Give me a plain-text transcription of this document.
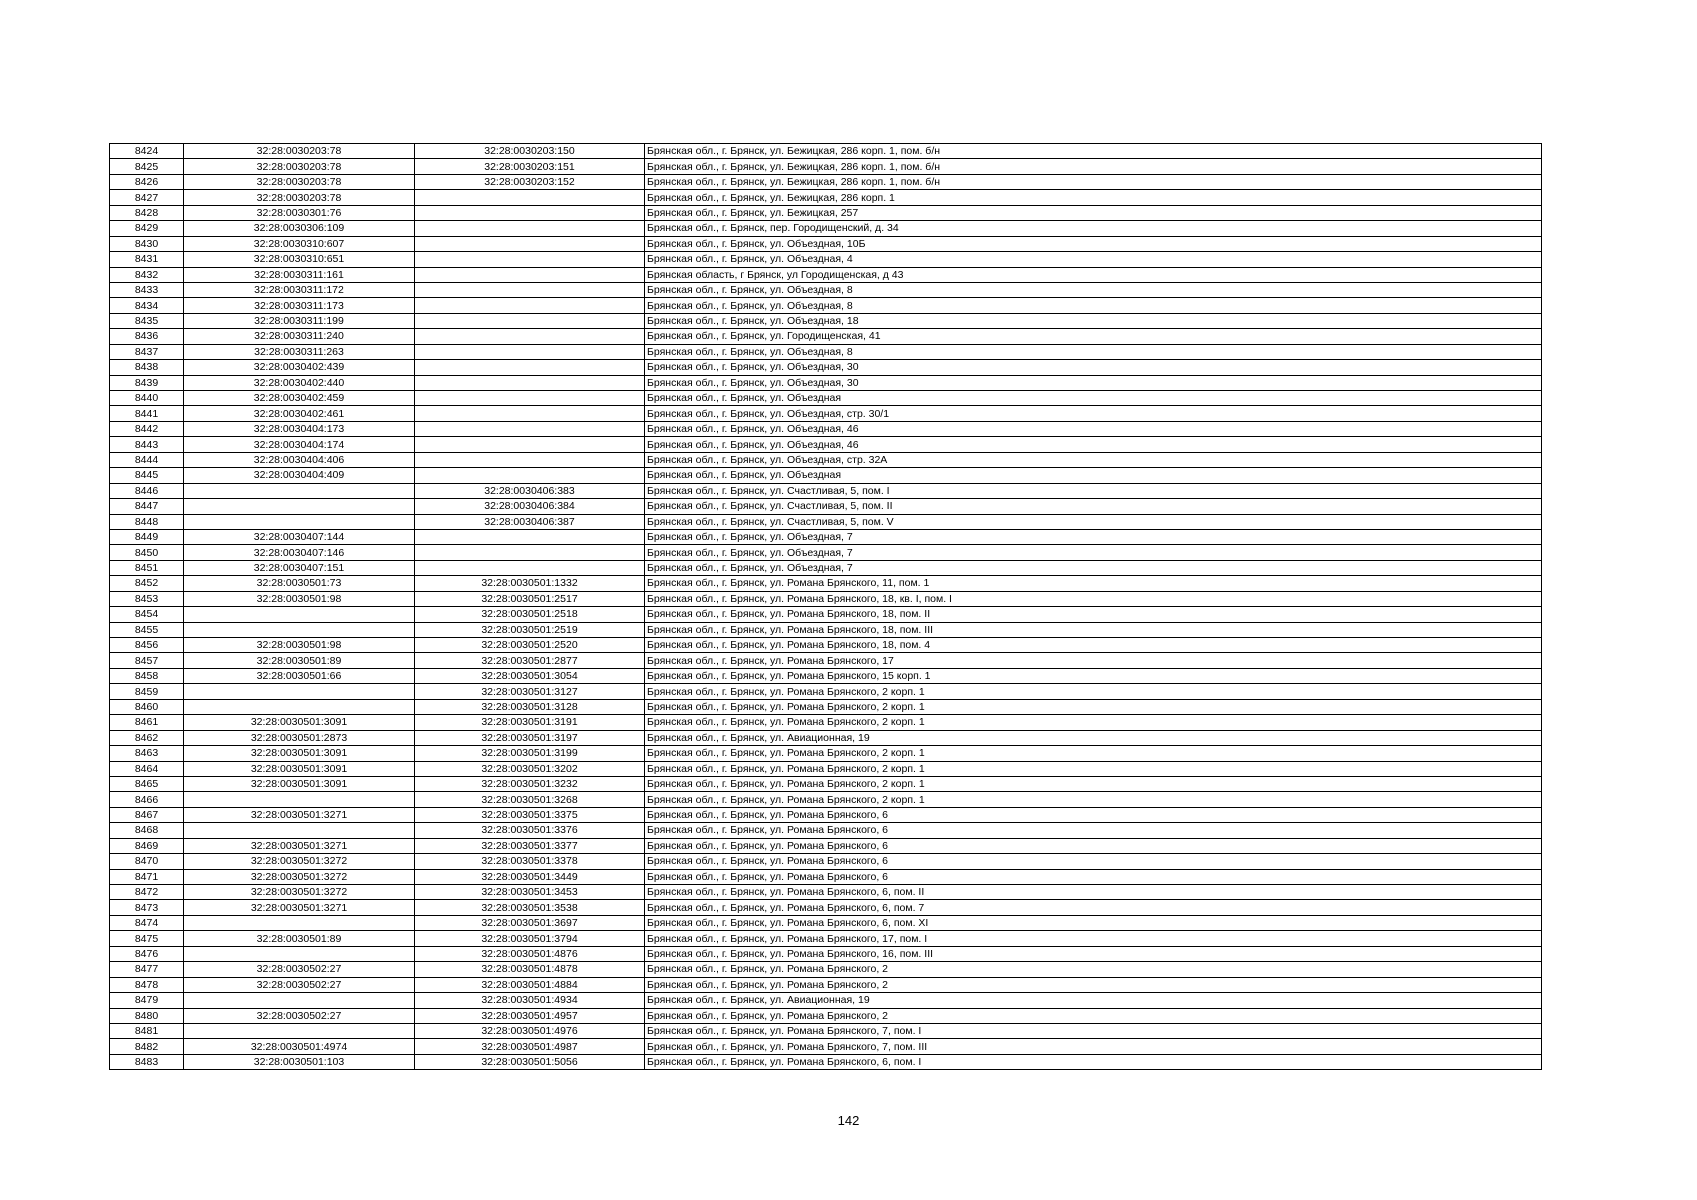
8424	32:28:0030203:78	32:28:0030203:150	Брянская обл., г. Брянск, ул. Бежицкая, 286 корп. 1, пом. б/н
8425	32:28:0030203:78	32:28:0030203:151	Брянская обл., г. Брянск, ул. Бежицкая, 286 корп. 1, пом. б/н
8426	32:28:0030203:78	32:28:0030203:152	Брянская обл., г. Брянск, ул. Бежицкая, 286 корп. 1, пом. б/н
8427	32:28:0030203:78		Брянская обл., г. Брянск, ул. Бежицкая, 286 корп. 1
8428	32:28:0030301:76		Брянская обл., г. Брянск, ул. Бежицкая, 257
8429	32:28:0030306:109		Брянская обл., г. Брянск, пер. Городищенский, д. 34
8430	32:28:0030310:607		Брянская обл., г. Брянск, ул. Объездная, 10Б
8431	32:28:0030310:651		Брянская обл., г. Брянск, ул. Объездная, 4
8432	32:28:0030311:161		Брянская область, г Брянск, ул Городищенская, д 43
8433	32:28:0030311:172		Брянская обл., г. Брянск, ул. Объездная, 8
8434	32:28:0030311:173		Брянская обл., г. Брянск, ул. Объездная, 8
8435	32:28:0030311:199		Брянская обл., г. Брянск, ул. Объездная, 18
8436	32:28:0030311:240		Брянская обл., г. Брянск, ул. Городищенская, 41
8437	32:28:0030311:263		Брянская обл., г. Брянск, ул. Объездная, 8
8438	32:28:0030402:439		Брянская обл., г. Брянск, ул. Объездная, 30
8439	32:28:0030402:440		Брянская обл., г. Брянск, ул. Объездная, 30
8440	32:28:0030402:459		Брянская обл., г. Брянск, ул. Объездная
8441	32:28:0030402:461		Брянская обл., г. Брянск, ул. Объездная, стр. 30/1
8442	32:28:0030404:173		Брянская обл., г. Брянск, ул. Объездная, 46
8443	32:28:0030404:174		Брянская обл., г. Брянск, ул. Объездная, 46
8444	32:28:0030404:406		Брянская обл., г. Брянск, ул. Объездная, стр. 32А
8445	32:28:0030404:409		Брянская обл., г. Брянск, ул. Объездная
8446		32:28:0030406:383	Брянская обл., г. Брянск, ул. Счастливая, 5, пом. I
8447		32:28:0030406:384	Брянская обл., г. Брянск, ул. Счастливая, 5, пом. II
8448		32:28:0030406:387	Брянская обл., г. Брянск, ул. Счастливая, 5, пом. V
8449	32:28:0030407:144		Брянская обл., г. Брянск, ул. Объездная, 7
8450	32:28:0030407:146		Брянская обл., г. Брянск, ул. Объездная, 7
8451	32:28:0030407:151		Брянская обл., г. Брянск, ул. Объездная, 7
8452	32:28:0030501:73	32:28:0030501:1332	Брянская обл., г. Брянск, ул. Романа Брянского, 11, пом. 1
8453	32:28:0030501:98	32:28:0030501:2517	Брянская обл., г. Брянск, ул. Романа Брянского, 18, кв. I, пом. I
8454		32:28:0030501:2518	Брянская обл., г. Брянск, ул. Романа Брянского, 18, пом. II
8455		32:28:0030501:2519	Брянская обл., г. Брянск, ул. Романа Брянского, 18, пом. III
8456	32:28:0030501:98	32:28:0030501:2520	Брянская обл., г. Брянск, ул. Романа Брянского, 18, пом. 4
8457	32:28:0030501:89	32:28:0030501:2877	Брянская обл., г. Брянск, ул. Романа Брянского, 17
8458	32:28:0030501:66	32:28:0030501:3054	Брянская обл., г. Брянск, ул. Романа Брянского, 15 корп. 1
8459		32:28:0030501:3127	Брянская обл., г. Брянск, ул. Романа Брянского, 2 корп. 1
8460		32:28:0030501:3128	Брянская обл., г. Брянск, ул. Романа Брянского, 2 корп. 1
8461	32:28:0030501:3091	32:28:0030501:3191	Брянская обл., г. Брянск, ул. Романа Брянского, 2 корп. 1
8462	32:28:0030501:2873	32:28:0030501:3197	Брянская обл., г. Брянск, ул. Авиационная, 19
8463	32:28:0030501:3091	32:28:0030501:3199	Брянская обл., г. Брянск, ул. Романа Брянского, 2 корп. 1
8464	32:28:0030501:3091	32:28:0030501:3202	Брянская обл., г. Брянск, ул. Романа Брянского, 2 корп. 1
8465	32:28:0030501:3091	32:28:0030501:3232	Брянская обл., г. Брянск, ул. Романа Брянского, 2 корп. 1
8466		32:28:0030501:3268	Брянская обл., г. Брянск, ул. Романа Брянского, 2 корп. 1
8467	32:28:0030501:3271	32:28:0030501:3375	Брянская обл., г. Брянск, ул. Романа Брянского, 6
8468		32:28:0030501:3376	Брянская обл., г. Брянск, ул. Романа Брянского, 6
8469	32:28:0030501:3271	32:28:0030501:3377	Брянская обл., г. Брянск, ул. Романа Брянского, 6
8470	32:28:0030501:3272	32:28:0030501:3378	Брянская обл., г. Брянск, ул. Романа Брянского, 6
8471	32:28:0030501:3272	32:28:0030501:3449	Брянская обл., г. Брянск, ул. Романа Брянского, 6
8472	32:28:0030501:3272	32:28:0030501:3453	Брянская обл., г. Брянск, ул. Романа Брянского, 6, пом. II
8473	32:28:0030501:3271	32:28:0030501:3538	Брянская обл., г. Брянск, ул. Романа Брянского, 6, пом. 7
8474		32:28:0030501:3697	Брянская обл., г. Брянск, ул. Романа Брянского, 6, пом. XI
8475	32:28:0030501:89	32:28:0030501:3794	Брянская обл., г. Брянск, ул. Романа Брянского, 17, пом. I
8476		32:28:0030501:4876	Брянская обл., г. Брянск, ул. Романа Брянского, 16, пом. III
8477	32:28:0030502:27	32:28:0030501:4878	Брянская обл., г. Брянск, ул. Романа Брянского, 2
8478	32:28:0030502:27	32:28:0030501:4884	Брянская обл., г. Брянск, ул. Романа Брянского, 2
8479		32:28:0030501:4934	Брянская обл., г. Брянск, ул. Авиационная, 19
8480	32:28:0030502:27	32:28:0030501:4957	Брянская обл., г. Брянск, ул. Романа Брянского, 2
8481		32:28:0030501:4976	Брянская обл., г. Брянск, ул. Романа Брянского, 7, пом. I
8482	32:28:0030501:4974	32:28:0030501:4987	Брянская обл., г. Брянск, ул. Романа Брянского, 7, пом. III
8483	32:28:0030501:103	32:28:0030501:5056	Брянская обл., г. Брянск, ул. Романа Брянского, 6, пом. I
142
